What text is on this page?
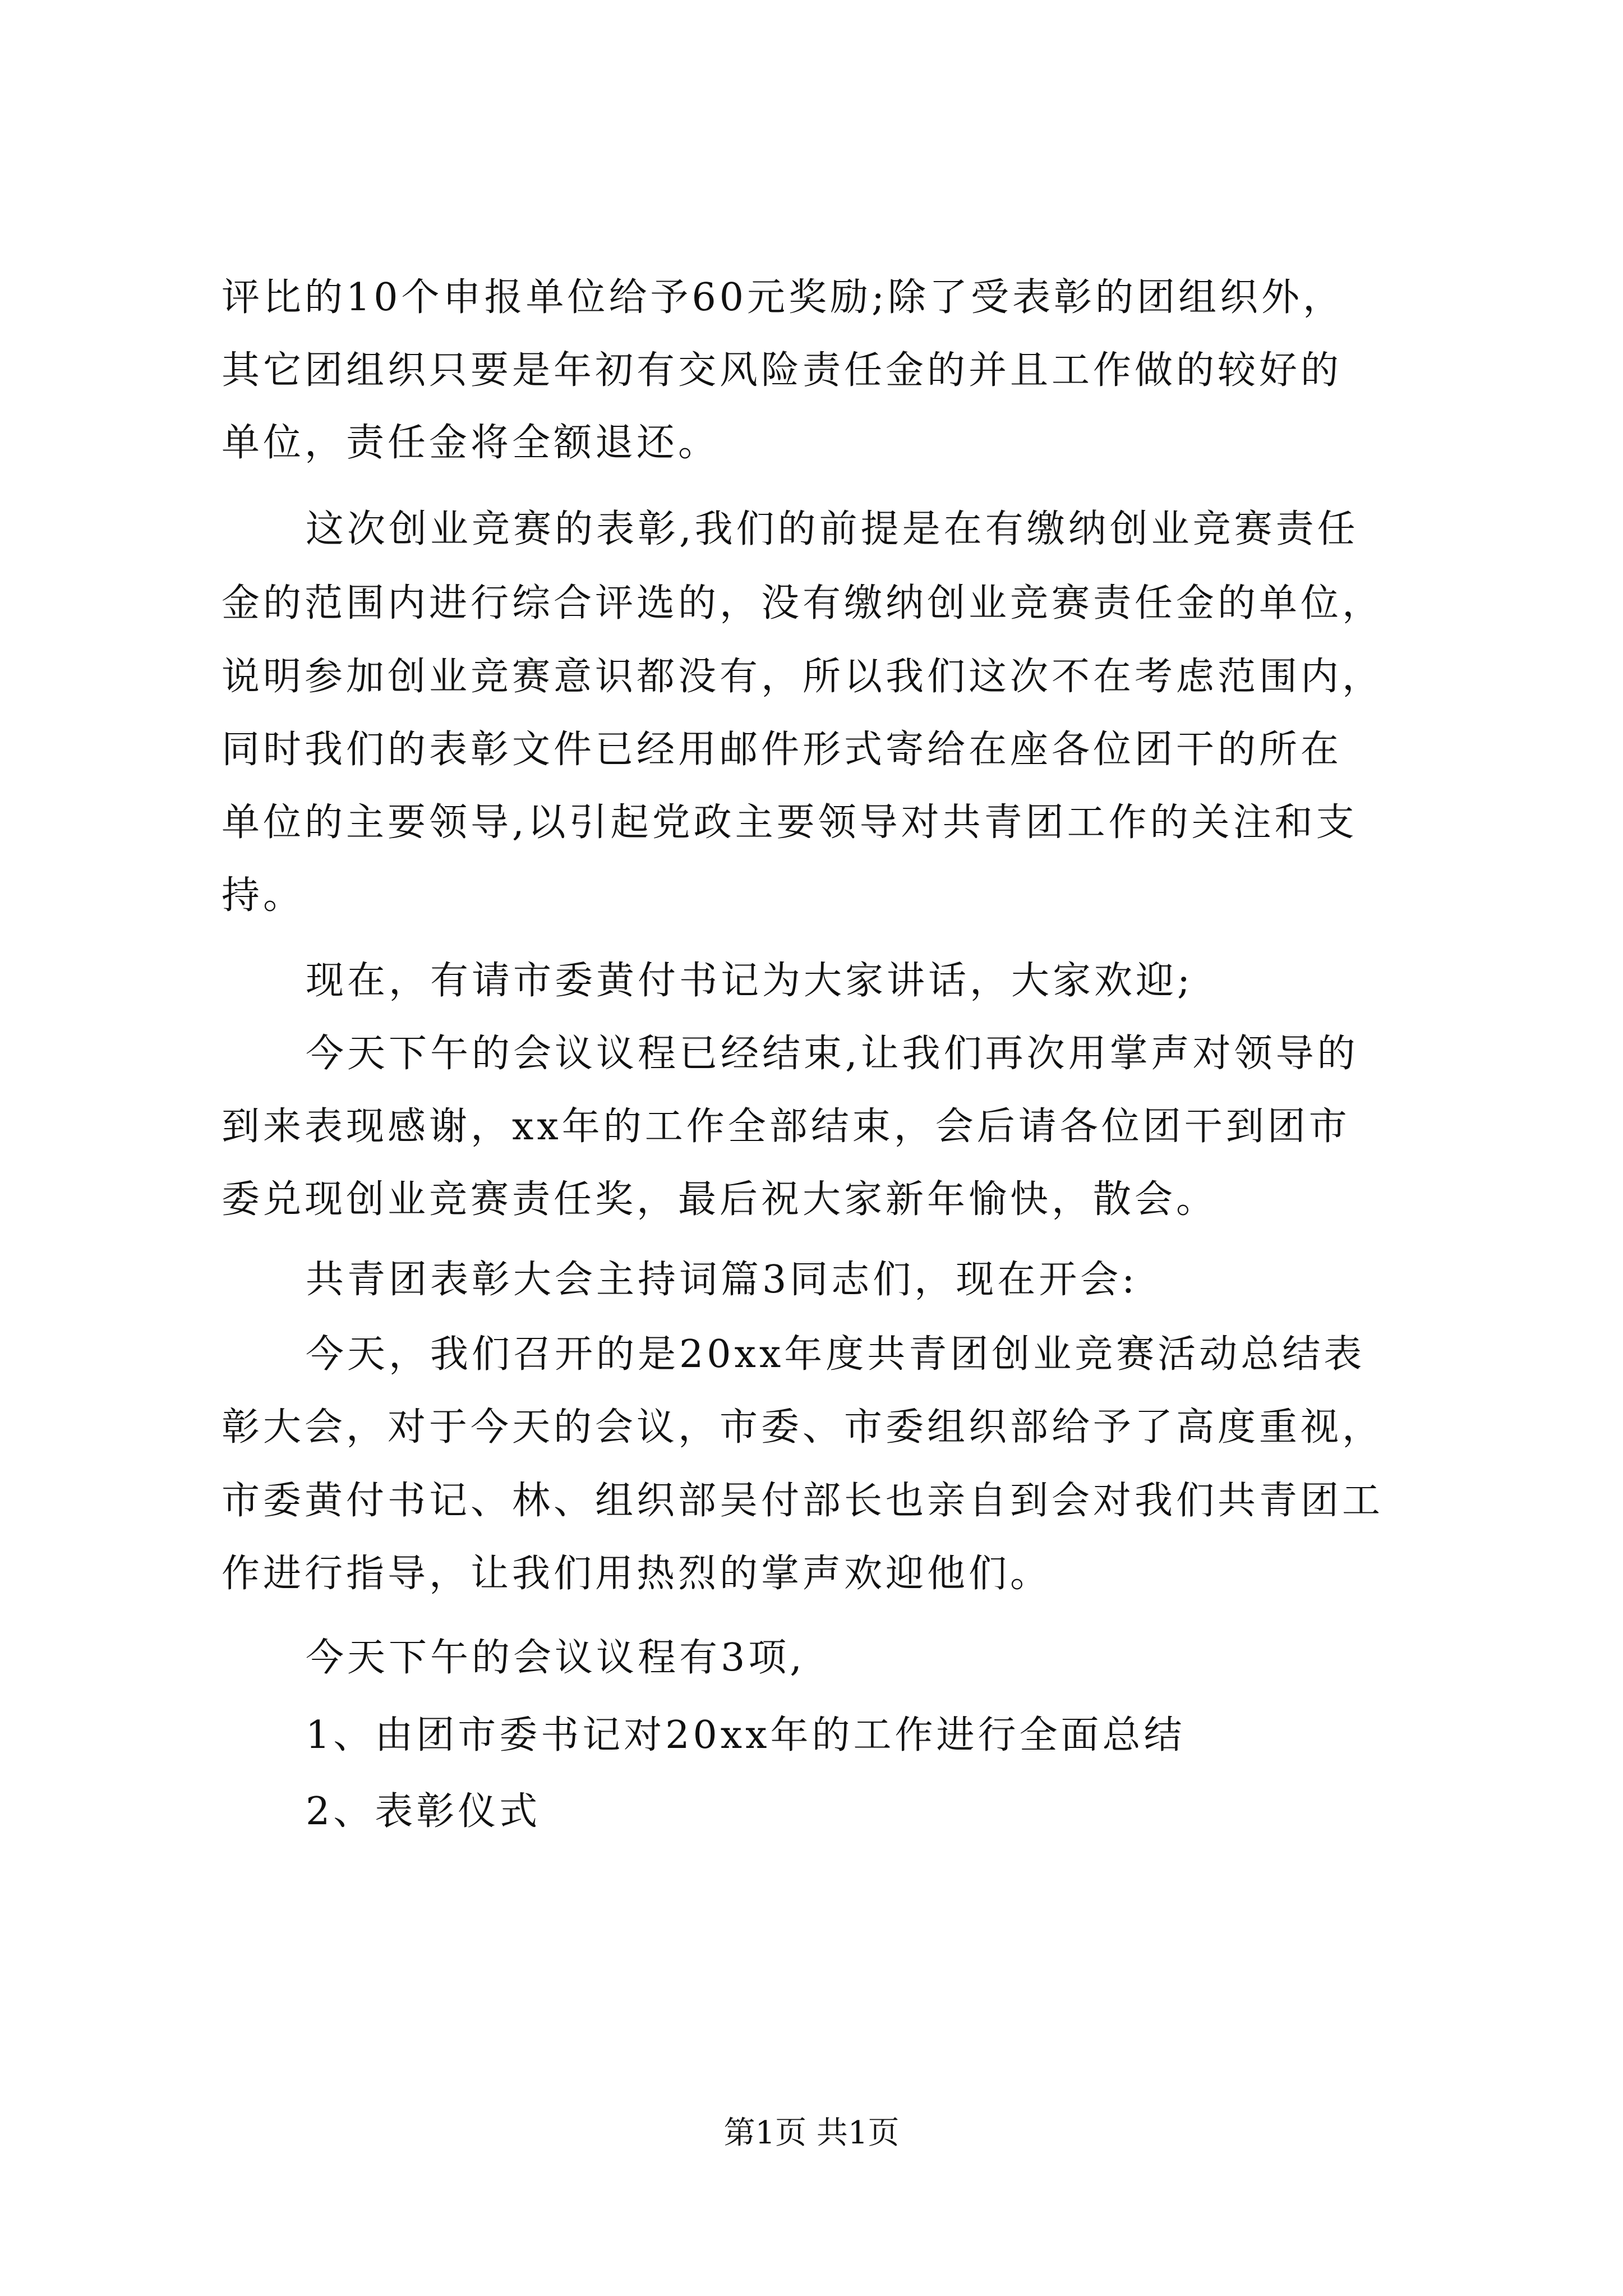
评比的10个申报单位给予60元奖励;除了受表彰的团组织外，
其它团组织只要是年初有交风险责任金的并且工作做的较好的
单位，责任金将全额退还。
这次创业竞赛的表彰,我们的前提是在有缴纳创业竞赛责任
金的范围内进行综合评选的，没有缴纳创业竞赛责任金的单位，
说明参加创业竞赛意识都没有，所以我们这次不在考虑范围内，
同时我们的表彰文件已经用邮件形式寄给在座各位团干的所在
单位的主要领导,以引起党政主要领导对共青团工作的关注和支
持。
现在，有请市委黄付书记为大家讲话，大家欢迎;
今天下午的会议议程已经结束,让我们再次用掌声对领导的
到来表现感谢，xx年的工作全部结束，会后请各位团干到团市
委兑现创业竞赛责任奖，最后祝大家新年愉快，散会。
共青团表彰大会主持词篇3同志们，现在开会:
今天，我们召开的是20xx年度共青团创业竞赛活动总结表
彰大会，对于今天的会议，市委、市委组织部给予了高度重视，
市委黄付书记、林、组织部吴付部长也亲自到会对我们共青团工
作进行指导，让我们用热烈的掌声欢迎他们。
今天下午的会议议程有3项,
1、由团市委书记对20xx年的工作进行全面总结
2、表彰仪式
第1页 共1页
